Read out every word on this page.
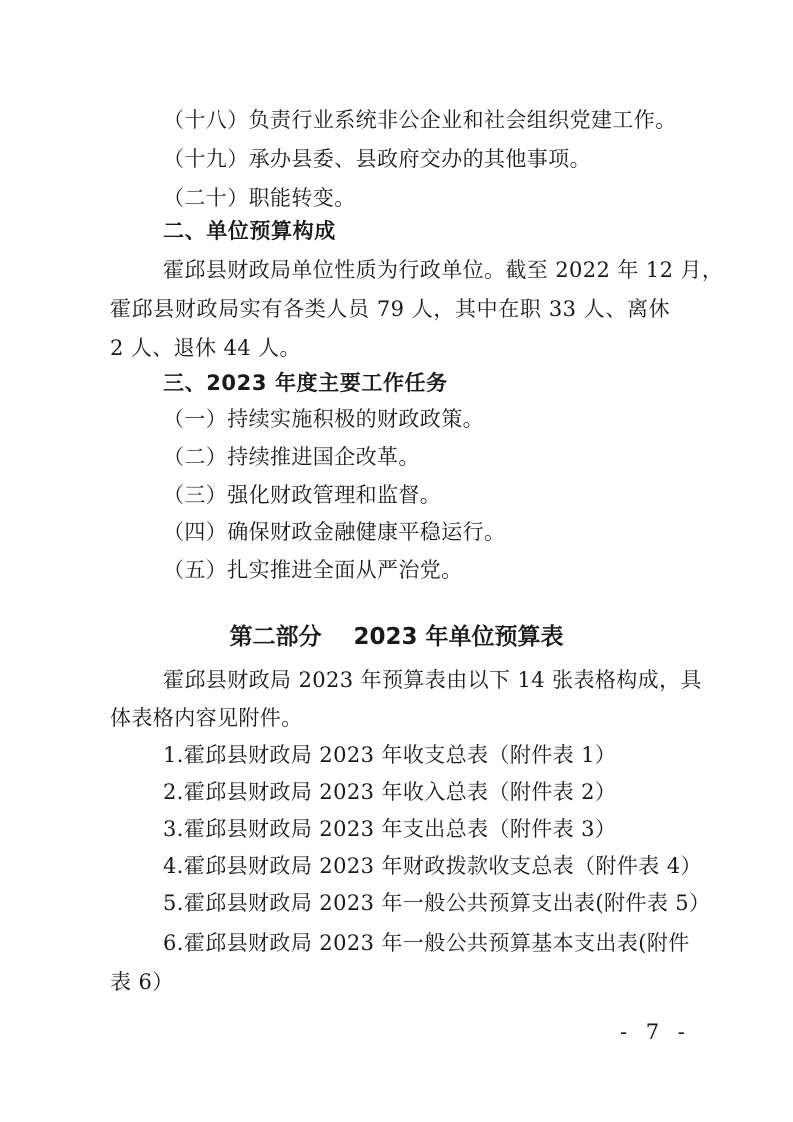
（十八）负责行业系统非公企业和社会组织党建工作。
（十九）承办县委、县政府交办的其他事项。
（二十）职能转变。
二、单位预算构成
霍邱县财政局单位性质为行政单位。截至 2022 年 12 月，
霍邱县财政局实有各类人员 79 人，其中在职 33 人、离休
2 人、退休 44 人。
三、2023 年度主要工作任务
（一）持续实施积极的财政政策。
（二）持续推进国企改革。
（三）强化财政管理和监督。
（四）确保财政金融健康平稳运行。
（五）扎实推进全面从严治党。
第二部分    2023 年单位预算表
霍邱县财政局 2023 年预算表由以下 14 张表格构成，具
体表格内容见附件。
1.霍邱县财政局 2023 年收支总表（附件表 1）
2.霍邱县财政局 2023 年收入总表（附件表 2）
3.霍邱县财政局 2023 年支出总表（附件表 3）
4.霍邱县财政局 2023 年财政拨款收支总表（附件表 4）
5.霍邱县财政局 2023 年一般公共预算支出表(附件表 5）
6.霍邱县财政局 2023 年一般公共预算基本支出表(附件
表 6）
- 7 -
